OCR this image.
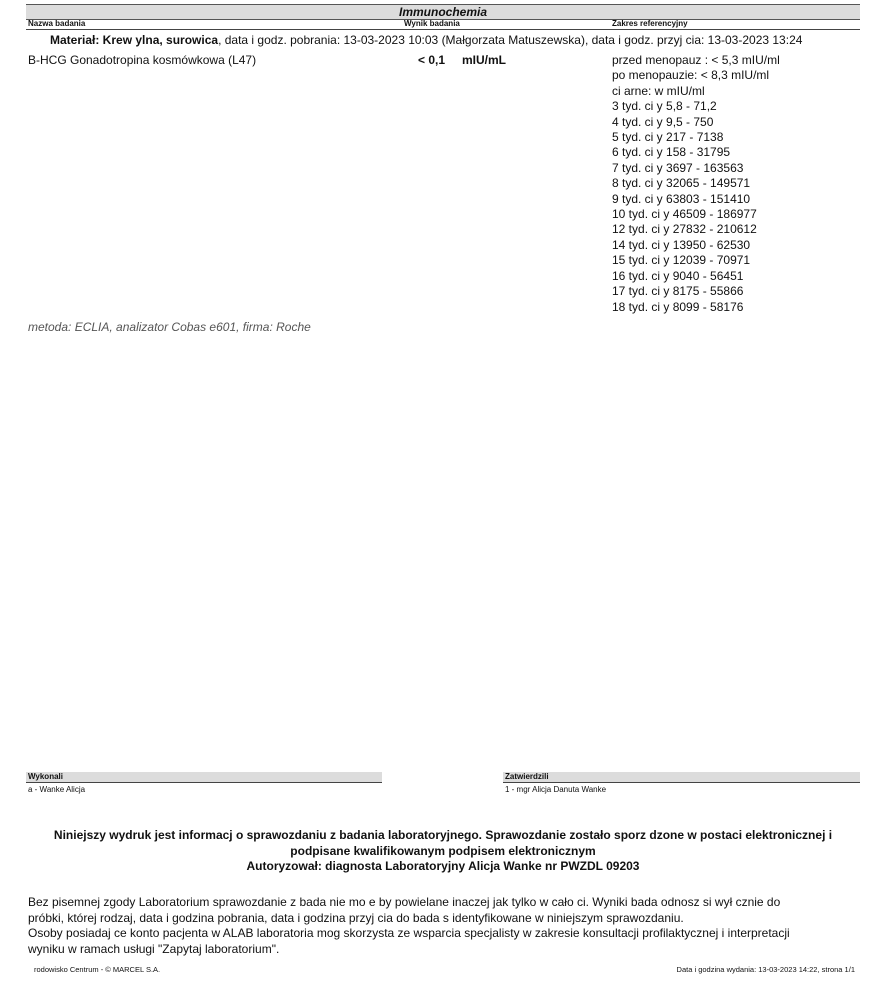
Immunochemia
Nazwa badania	Wynik badania	Zakres referencyjny
Materiał: Krew ylna, surowica, data i godz. pobrania: 13-03-2023 10:03 (Małgorzata Matuszewska), data i godz. przyj cia: 13-03-2023 13:24
B-HCG Gonadotropina kosmówkowa (L47)	< 0,1 mIU/mL	przed menopauz : < 5,3 mIU/ml
po menopauzie: < 8,3 mIU/ml
ci arne: w mIU/ml
3 tyd. ci y 5,8 - 71,2
4 tyd. ci y 9,5 - 750
5 tyd. ci y 217 - 7138
6 tyd. ci y 158 - 31795
7 tyd. ci y 3697 - 163563
8 tyd. ci y 32065 - 149571
9 tyd. ci y 63803 - 151410
10 tyd. ci y 46509 - 186977
12 tyd. ci y 27832 - 210612
14 tyd. ci y 13950 - 62530
15 tyd. ci y 12039 - 70971
16 tyd. ci y 9040 - 56451
17 tyd. ci y 8175 - 55866
18 tyd. ci y 8099 - 58176
metoda: ECLIA, analizator Cobas e601, firma: Roche
Wykonali
a - Wanke Alicja
Zatwierdzili
1 - mgr Alicja Danuta Wanke
Niniejszy wydruk jest informacj o sprawozdaniu z badania laboratoryjnego. Sprawozdanie zostało sporz dzone w postaci elektronicznej i
podpisane kwalifikowanym podpisem elektronicznym
Autoryzował: diagnosta Laboratoryjny Alicja Wanke nr PWZDL 09203
Bez pisemnej zgody Laboratorium sprawozdanie z bada nie mo e by powielane inaczej jak tylko w cało ci. Wyniki bada odnosz si wył cznie do
próbki, której rodzaj, data i godzina pobrania, data i godzina przyj cia do bada s identyfikowane w niniejszym sprawozdaniu.
Osoby posiadaj ce konto pacjenta w ALAB laboratoria mog skorzysta ze wsparcia specjalisty w zakresie konsultacji profilaktycznej i interpretacji
wyniku w ramach usługi "Zapytaj laboratorium".
rodowisko Centrum - © MARCEL S.A.	Data i godzina wydania: 13-03-2023 14:22, strona 1/1
